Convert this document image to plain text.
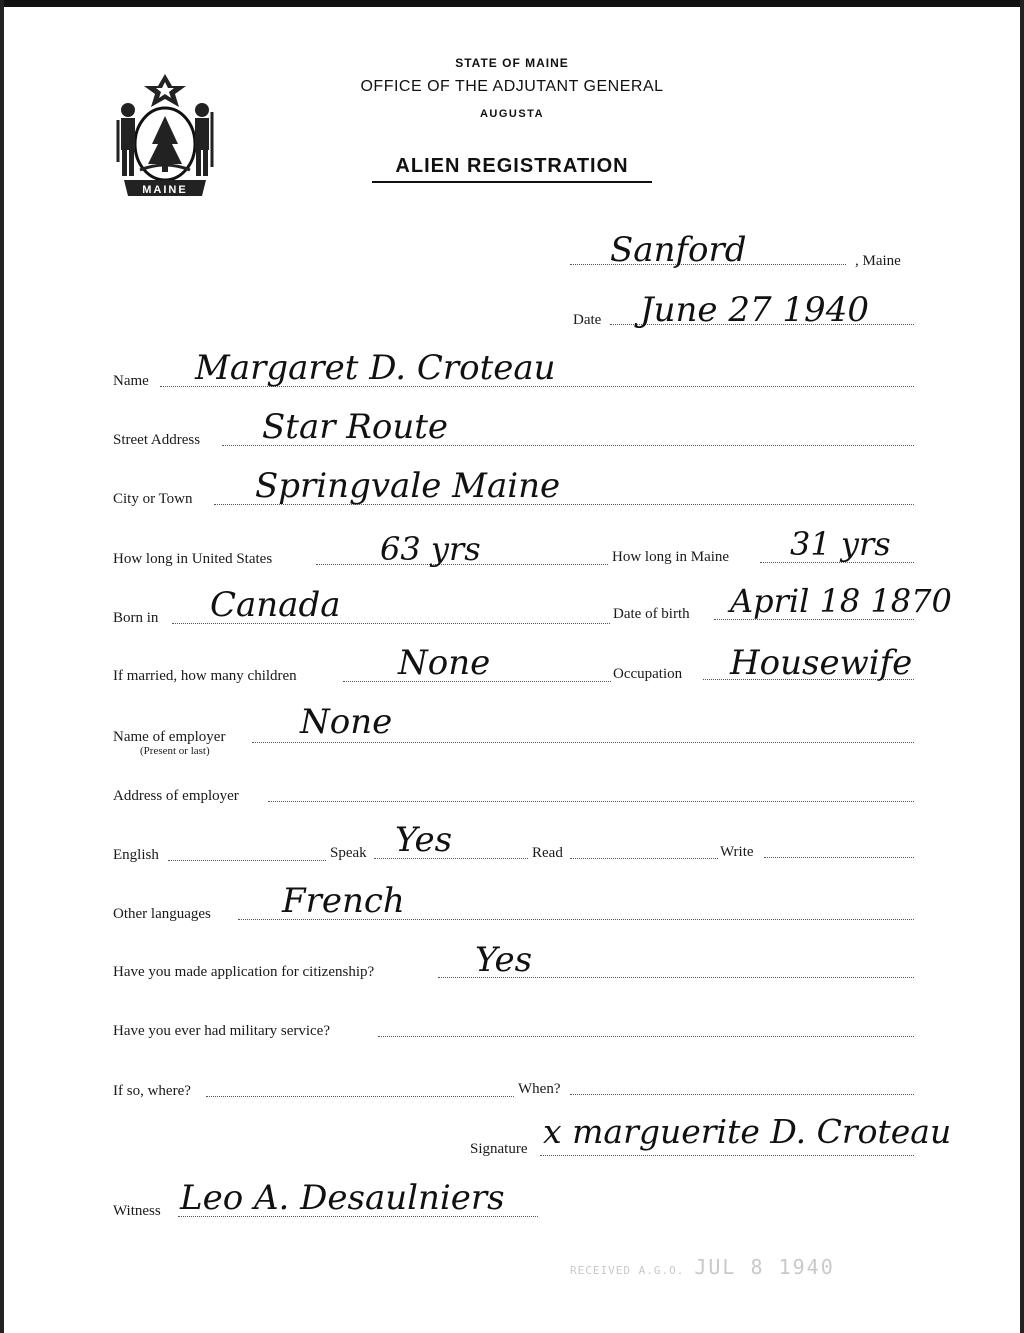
MAINE
STATE OF MAINE
OFFICE OF THE ADJUTANT GENERAL
AUGUSTA
ALIEN REGISTRATION
Sanford	, Maine
Date June 27 1940
Name Margaret D. Croteau
Street Address Star Route
City or Town Springvale Maine
How long in United States	63 yrs	How long in Maine 31 yrs
Born in Canada	Date of birth April 18 1870
If married, how many children	None	Occupation Housewife
Name of employer
(Present or last)
None
Address of employer
English	Speak Yes	Read	Write
Other languages French
Have you made application for citizenship?	Yes
Have you ever had military service?
If so, where?	When?
Signature x marguerite D. Croteau
Witness Leo A. Desaulniers
RECEIVED A.G.O. JUL 8 1940
